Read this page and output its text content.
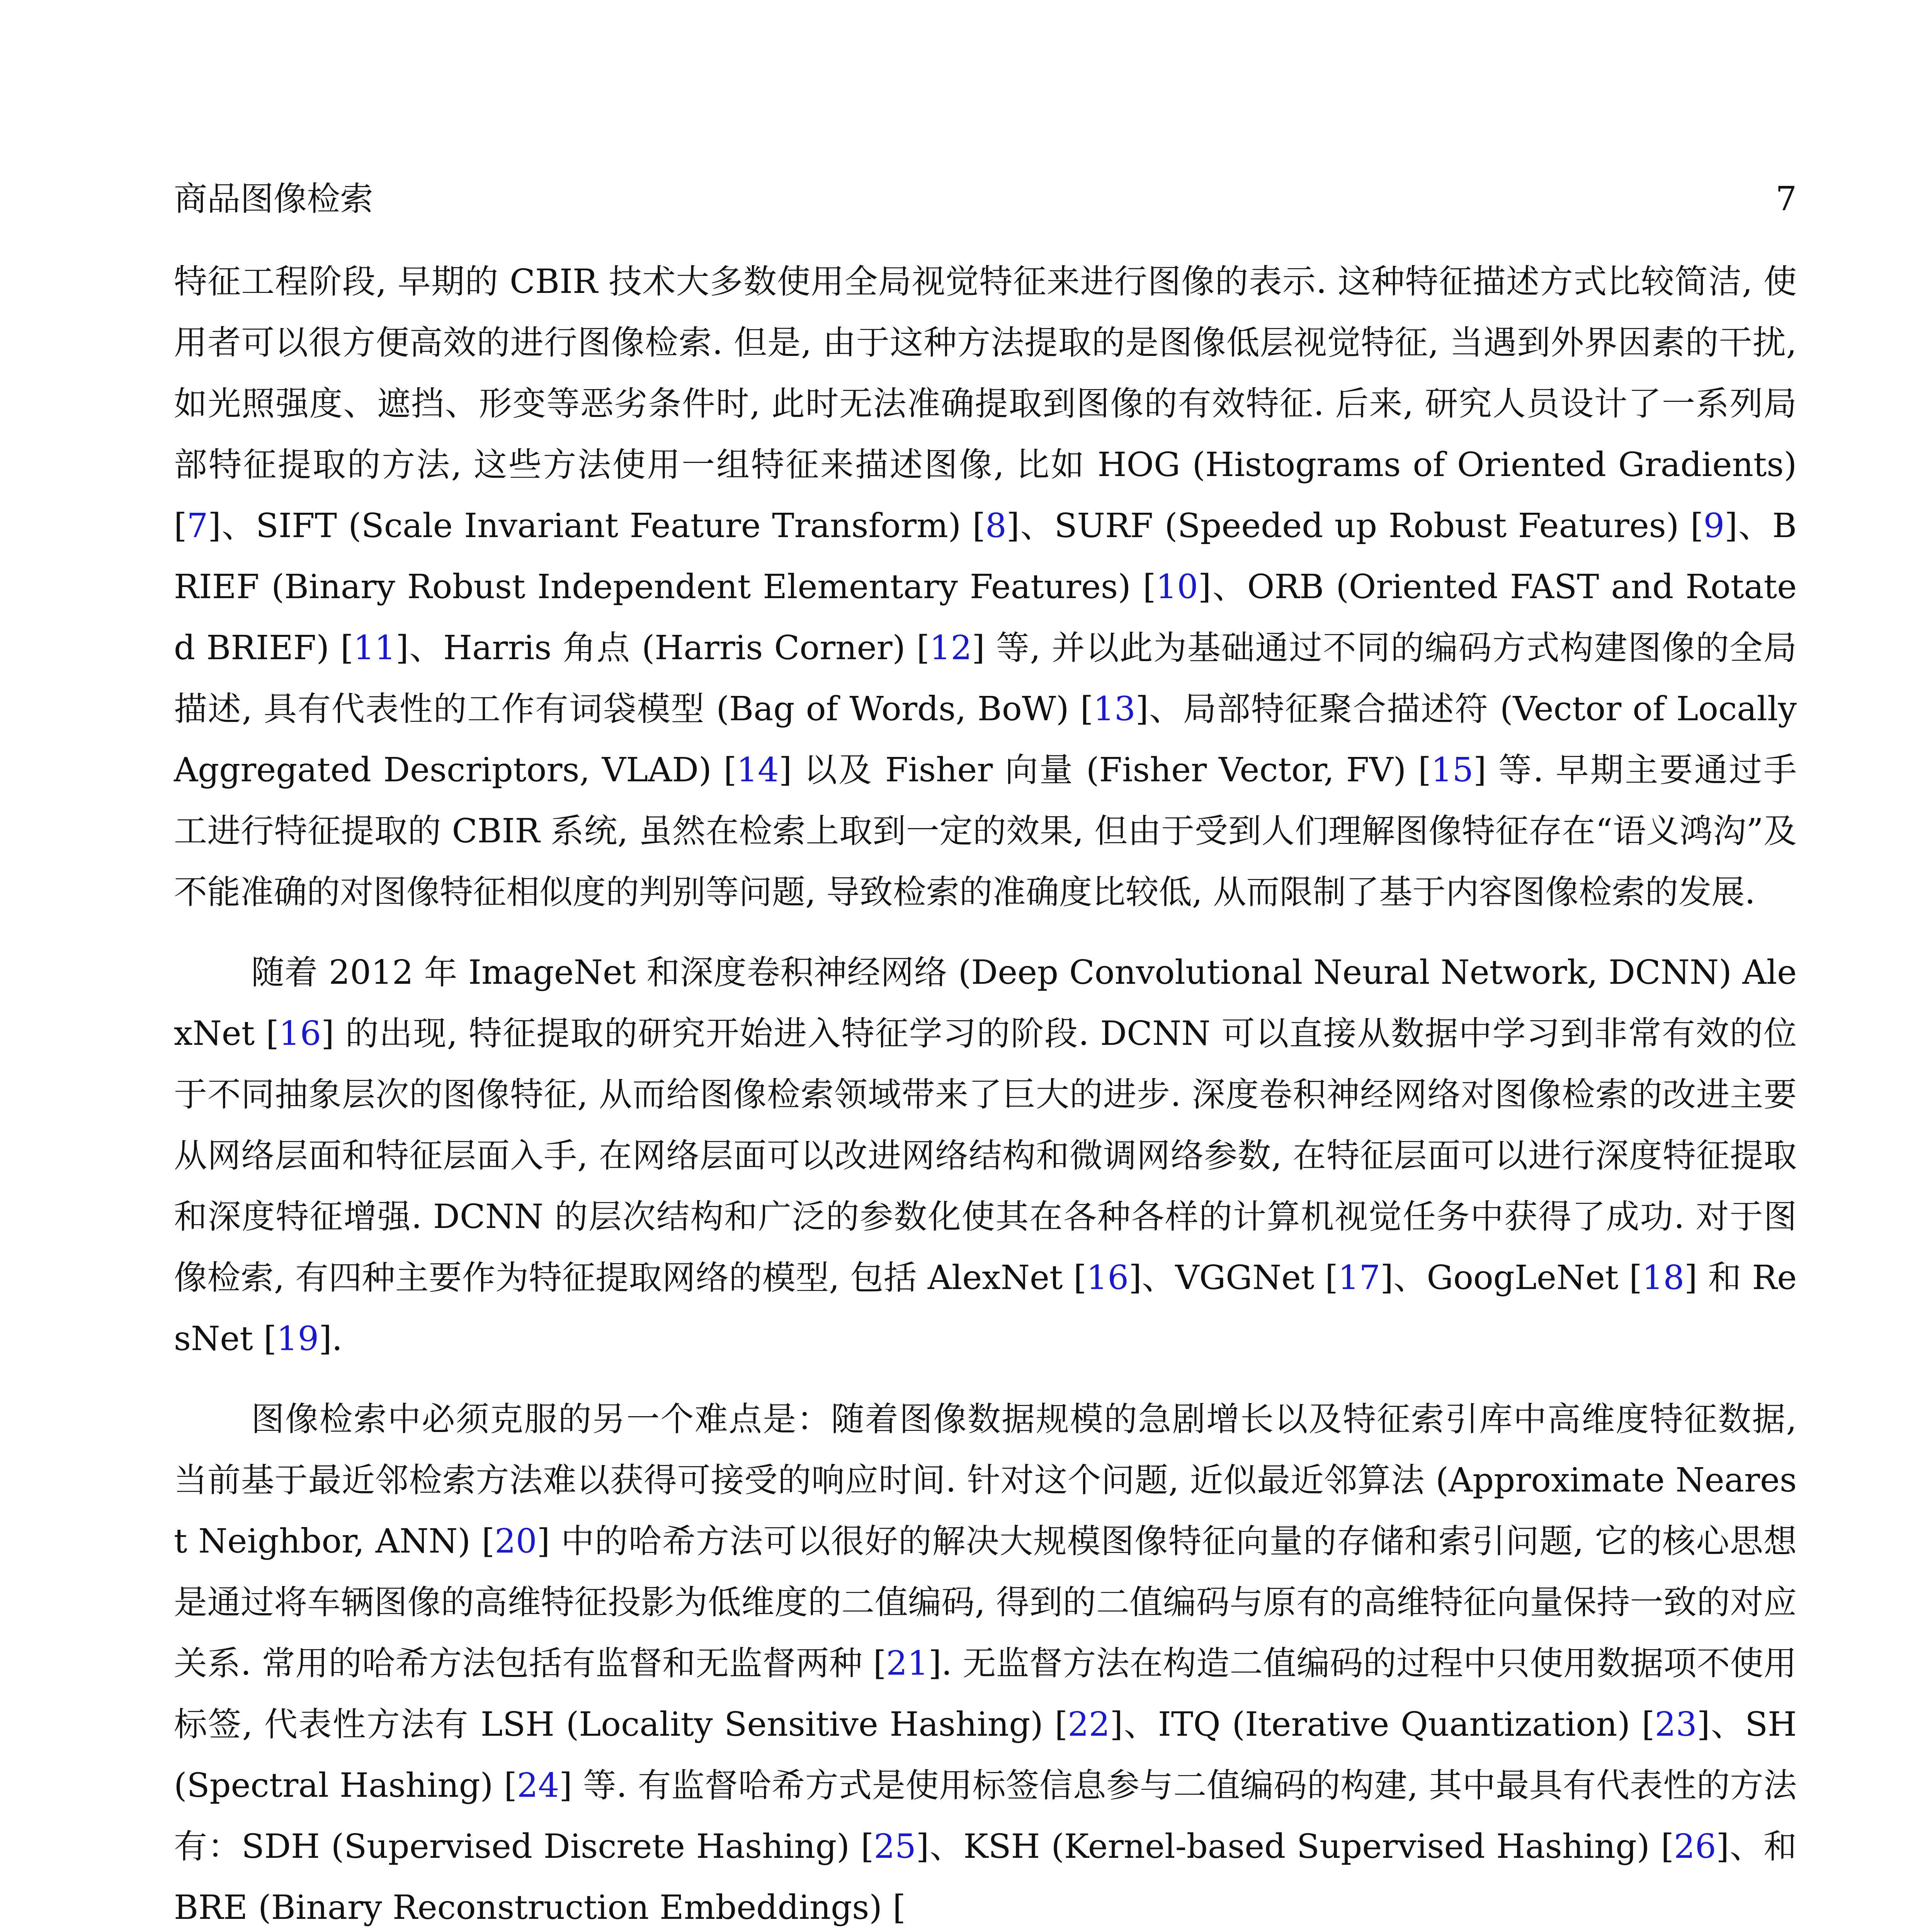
商品图像检索	7

特征工程阶段, 早期的 CBIR 技术大多数使用全局视觉特征来进行图像的表示. 这种特征描述方式比较简洁, 使用者可以很方便高效的进行图像检索. 但是, 由于这种方法提取的是图像低层视觉特征, 当遇到外界因素的干扰, 如光照强度、遮挡、形变等恶劣条件时, 此时无法准确提取到图像的有效特征. 后来, 研究人员设计了一系列局部特征提取的方法, 这些方法使用一组特征来描述图像, 比如 HOG (Histograms of Oriented Gradients) [7]、SIFT (Scale Invariant Feature Transform) [8]、SURF (Speeded up Robust Features) [9]、BRIEF (Binary Robust Independent Elementary Features) [10]、ORB (Oriented FAST and Rotated BRIEF) [11]、Harris 角点 (Harris Corner) [12] 等, 并以此为基础通过不同的编码方式构建图像的全局描述, 具有代表性的工作有词袋模型 (Bag of Words, BoW) [13]、局部特征聚合描述符 (Vector of Locally Aggregated Descriptors, VLAD) [14] 以及 Fisher 向量 (Fisher Vector, FV) [15] 等. 早期主要通过手工进行特征提取的 CBIR 系统, 虽然在检索上取到一定的效果, 但由于受到人们理解图像特征存在“语义鸿沟”及不能准确的对图像特征相似度的判别等问题, 导致检索的准确度比较低, 从而限制了基于内容图像检索的发展.

随着 2012 年 ImageNet 和深度卷积神经网络 (Deep Convolutional Neural Network, DCNN) AlexNet [16] 的出现, 特征提取的研究开始进入特征学习的阶段. DCNN 可以直接从数据中学习到非常有效的位于不同抽象层次的图像特征, 从而给图像检索领域带来了巨大的进步. 深度卷积神经网络对图像检索的改进主要从网络层面和特征层面入手, 在网络层面可以改进网络结构和微调网络参数, 在特征层面可以进行深度特征提取和深度特征增强. DCNN 的层次结构和广泛的参数化使其在各种各样的计算机视觉任务中获得了成功. 对于图像检索, 有四种主要作为特征提取网络的模型, 包括 AlexNet [16]、VGGNet [17]、GoogLeNet [18] 和 ResNet [19].

图像检索中必须克服的另一个难点是：随着图像数据规模的急剧增长以及特征索引库中高维度特征数据, 当前基于最近邻检索方法难以获得可接受的响应时间. 针对这个问题, 近似最近邻算法 (Approximate Nearest Neighbor, ANN) [20] 中的哈希方法可以很好的解决大规模图像特征向量的存储和索引问题, 它的核心思想是通过将车辆图像的高维特征投影为低维度的二值编码, 得到的二值编码与原有的高维特征向量保持一致的对应关系. 常用的哈希方法包括有监督和无监督两种 [21]. 无监督方法在构造二值编码的过程中只使用数据项不使用标签, 代表性方法有 LSH (Locality Sensitive Hashing) [22]、ITQ (Iterative Quantization) [23]、SH (Spectral Hashing) [24] 等. 有监督哈希方式是使用标签信息参与二值编码的构建, 其中最具有代表性的方法有：SDH (Supervised Discrete Hashing) [25]、KSH (Kernel-based Supervised Hashing) [26]、和 BRE (Binary Reconstruction Embeddings) [
